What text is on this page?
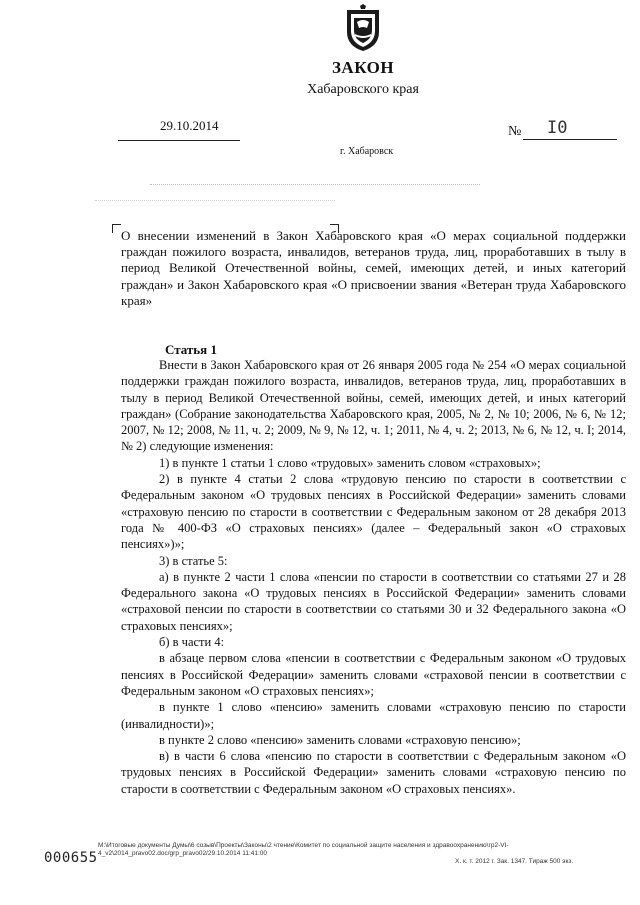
ЗАКОН
Хабаровского края
29.10.2014	№ I0
г. Хабаровск
О внесении изменений в Закон Хабаровского края «О мерах социальной поддержки граждан пожилого возраста, инвалидов, ветеранов труда, лиц, проработавших в тылу в период Великой Отечественной войны, семей, имеющих детей, и иных категорий граждан» и Закон Хабаровского края «О присвоении звания «Ветеран труда Хабаровского края»
Статья 1

Внести в Закон Хабаровского края от 26 января 2005 года № 254 «О мерах социальной поддержки граждан пожилого возраста, инвалидов, ветеранов труда, лиц, проработавших в тылу в период Великой Отечественной войны, семей, имеющих детей, и иных категорий граждан» (Собрание законодательства Хабаровского края, 2005, № 2, № 10; 2006, № 6, № 12; 2007, № 12; 2008, № 11, ч. 2; 2009, № 9, № 12, ч. 1; 2011, № 4, ч. 2; 2013, № 6, № 12, ч. I; 2014, № 2) следующие изменения:

1) в пункте 1 статьи 1 слово «трудовых» заменить словом «страховых»;

2) в пункте 4 статьи 2 слова «трудовую пенсию по старости в соответствии с Федеральным законом «О трудовых пенсиях в Российской Федерации» заменить словами «страховую пенсию по старости в соответствии с Федеральным законом от 28 декабря 2013 года № 400-ФЗ «О страховых пенсиях» (далее – Федеральный закон «О страховых пенсиях»)»;

3) в статье 5:

а) в пункте 2 части 1 слова «пенсии по старости в соответствии со статьями 27 и 28 Федерального закона «О трудовых пенсиях в Российской Федерации» заменить словами «страховой пенсии по старости в соответствии со статьями 30 и 32 Федерального закона «О страховых пенсиях»;

б) в части 4:

в абзаце первом слова «пенсии в соответствии с Федеральным законом «О трудовых пенсиях в Российской Федерации» заменить словами «страховой пенсии в соответствии с Федеральным законом «О страховых пенсиях»;

в пункте 1 слово «пенсию» заменить словами «страховую пенсию по старости (инвалидности)»;

в пункте 2 слово «пенсию» заменить словами «страховую пенсию»;

в) в части 6 слова «пенсию по старости в соответствии с Федеральным законом «О трудовых пенсиях в Российской Федерации» заменить словами «страховую пенсию по старости в соответствии с Федеральным законом «О страховых пенсиях».

M:\Итоговые документы Думы\6 созыв\Проекты\Законы\2 чтение\Комитет по социальной защите населения и здравоохранению\гр2-VI-4_v2\2014_pravo02.doc/grp_pravo02/29.10.2014 11:41:00
000655	Х. к. т. 2012 г. Зак. 1347. Тираж 500 экз.
